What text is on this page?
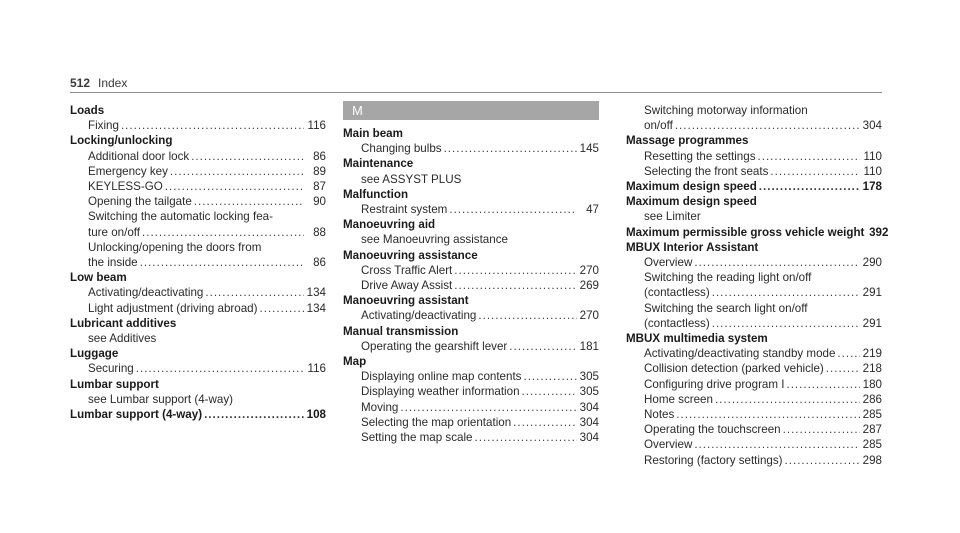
512 Index
Loads
Fixing .....	116
Locking/unlocking
Additional door lock .....	86
Emergency key .....	89
KEYLESS-GO .....	87
Opening the tailgate .....	90
Switching the automatic locking fea-
ture on/off .....	88
Unlocking/opening the doors from
the inside .....	86
Low beam
Activating/deactivating .....	134
Light adjustment (driving abroad) .....	134
Lubricant additives
see Additives
Luggage
Securing .....	116
Lumbar support
see Lumbar support (4-way)
Lumbar support (4-way) .....	108
M
Main beam
Changing bulbs .....	145
Maintenance
see ASSYST PLUS
Malfunction
Restraint system .....	47
Manoeuvring aid
see Manoeuvring assistance
Manoeuvring assistance
Cross Traffic Alert .....	270
Drive Away Assist .....	269
Manoeuvring assistant
Activating/deactivating .....	270
Manual transmission
Operating the gearshift lever .....	181
Map
Displaying online map contents .....	305
Displaying weather information .....	305
Moving .....	304
Selecting the map orientation .....	304
Setting the map scale .....	304
Switching motorway information
on/off .....	304
Massage programmes
Resetting the settings .....	110
Selecting the front seats .....	110
Maximum design speed .....	178
Maximum design speed
see Limiter
Maximum permissible gross vehicle weight 392
MBUX Interior Assistant
Overview .....	290
Switching the reading light on/off
(contactless) .....	291
Switching the search light on/off
(contactless) .....	291
MBUX multimedia system
Activating/deactivating standby mode ..... 219
Collision detection (parked vehicle) .....	218
Configuring drive program I .....	180
Home screen .....	286
Notes .....	285
Operating the touchscreen .....	287
Overview .....	285
Restoring (factory settings) .....	298
